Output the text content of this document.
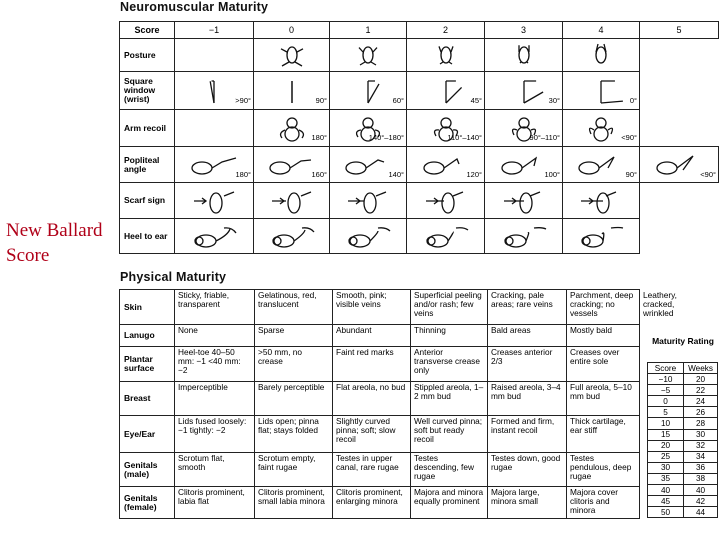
New Ballard Score
Neuromuscular Maturity
Score	−1	0	1	2	3	4	5
Posture	

Square window (wrist)	>90°	90°	60°	45°	30°	0°	

Arm recoil		180°	140°–180°	110°–140°	90°–110°	<90°	

Popliteal angle	180°	160°	140°	120°	100°	90°	<90°

Scarf sign	

Heel to ear	

Physical Maturity
Skin	Sticky, friable, transparent	Gelatinous, red, translucent	Smooth, pink; visible veins	Superficial peeling and/or rash; few veins	Cracking, pale areas; rare veins	Parchment, deep cracking; no vessels	Leathery, cracked, wrinkled
Lanugo	None	Sparse	Abundant	Thinning	Bald areas	Mostly bald	
Plantar surface	Heel-toe 40–50 mm: −1 <40 mm: −2	>50 mm, no crease	Faint red marks	Anterior transverse crease only	Creases anterior 2/3	Creases over entire sole	
Breast	Imperceptible	Barely perceptible	Flat areola, no bud	Stippled areola, 1–2 mm bud	Raised areola, 3–4 mm bud	Full areola, 5–10 mm bud	
Eye/Ear	Lids fused loosely: −1 tightly: −2	Lids open; pinna flat; stays folded	Slightly curved pinna; soft; slow recoil	Well curved pinna; soft but ready recoil	Formed and firm, instant recoil	Thick cartilage, ear stiff	
Genitals (male)	Scrotum flat, smooth	Scrotum empty, faint rugae	Testes in upper canal, rare rugae	Testes descending, few rugae	Testes down, good rugae	Testes pendulous, deep rugae	
Genitals (female)	Clitoris prominent, labia flat	Clitoris prominent, small labia minora	Clitoris prominent, enlarging minora	Majora and minora equally prominent	Majora large, minora small	Majora cover clitoris and minora	
Maturity Rating
Score	Weeks
−10	20
−5	22
0	24
5	26
10	28
15	30
20	32
25	34
30	36
35	38
40	40
45	42
50	44
